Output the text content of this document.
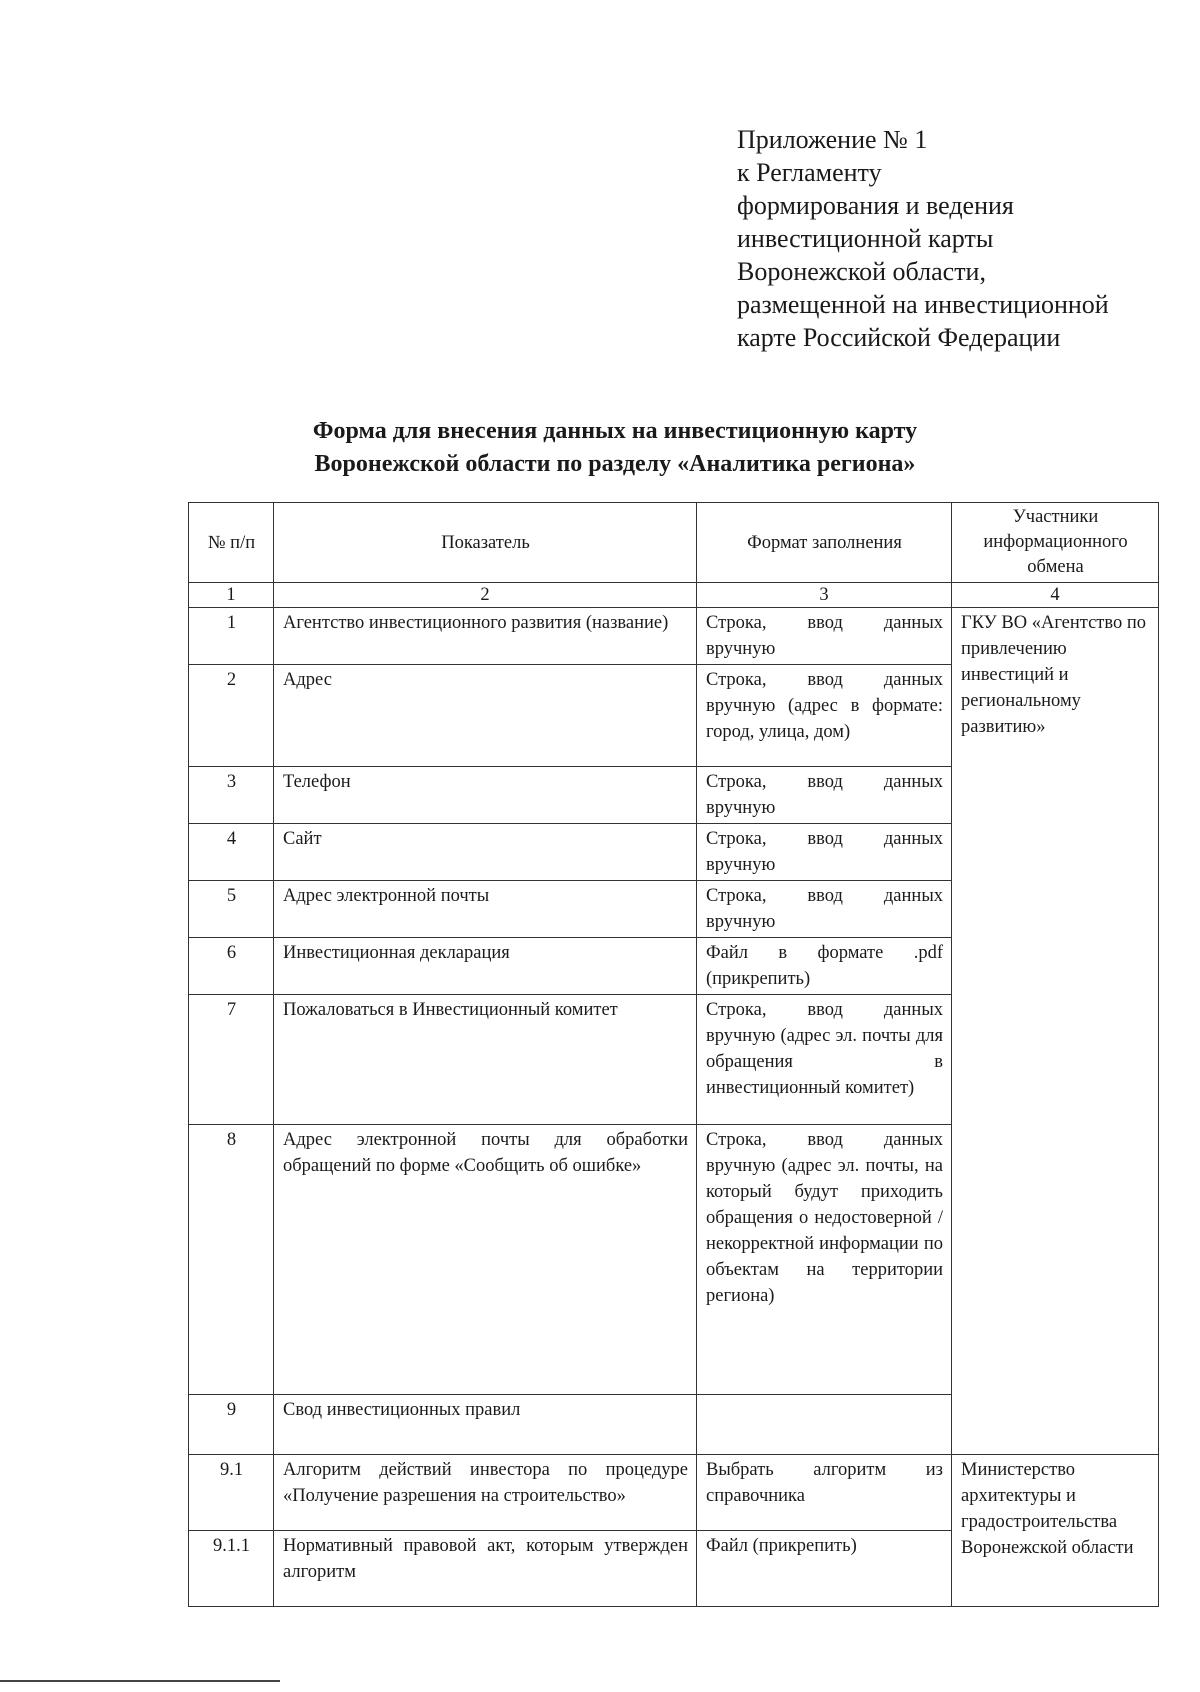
Приложение № 1
к Регламенту
формирования и ведения
инвестиционной карты
Воронежской области,
размещенной на инвестиционной
карте Российской Федерации
Форма для внесения данных на инвестиционную карту
Воронежской области по разделу «Аналитика региона»
№ п/п	Показатель	Формат заполнения	Участники информационного обмена
1	2	3	4
1	Агентство инвестиционного развития (название)	Строка, ввод данных вручную	ГКУ ВО «Агентство по привлечению инвестиций и региональному развитию»
2	Адрес	Строка, ввод данных вручную (адрес в формате: город, улица, дом)	
3	Телефон	Строка, ввод данных вручную	
4	Сайт	Строка, ввод данных вручную	
5	Адрес электронной почты	Строка, ввод данных вручную	
6	Инвестиционная декларация	Файл в формате .pdf (прикрепить)	
7	Пожаловаться в Инвестиционный комитет	Строка, ввод данных вручную (адрес эл. почты для обращения в инвестиционный комитет)	
8	Адрес электронной почты для обработки обращений по форме «Сообщить об ошибке»	Строка, ввод данных вручную (адрес эл. почты, на который будут приходить обращения о недостоверной / некорректной информации по объектам на территории региона)	
9	Свод инвестиционных правил		
9.1	Алгоритм действий инвестора по процедуре «Получение разрешения на строительство»	Выбрать алгоритм из справочника	Министерство архитектуры и градостроительства Воронежской области
9.1.1	Нормативный правовой акт, которым утвержден алгоритм	Файл (прикрепить)	
